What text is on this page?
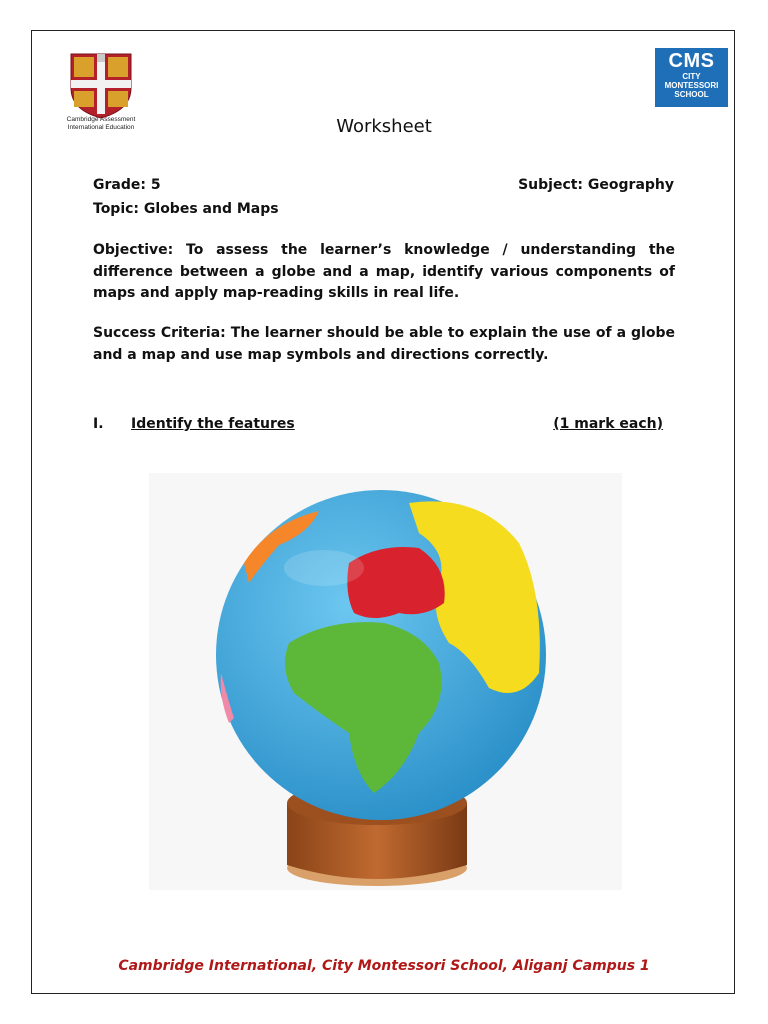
Cambridge Assessment
International Education
CMS
CITY
MONTESSORI
SCHOOL
Worksheet
Grade: 5	Subject: Geography
Topic: Globes and Maps
Objective: To assess the learner’s knowledge / understanding the difference between a globe and a map, identify various components of maps and apply map-reading skills in real life.
Success Criteria: The learner should be able to explain the use of a globe and a map and use map symbols and directions correctly.
I. Identify the features	(1 mark each)
Cambridge International, City Montessori School, Aliganj Campus 1
